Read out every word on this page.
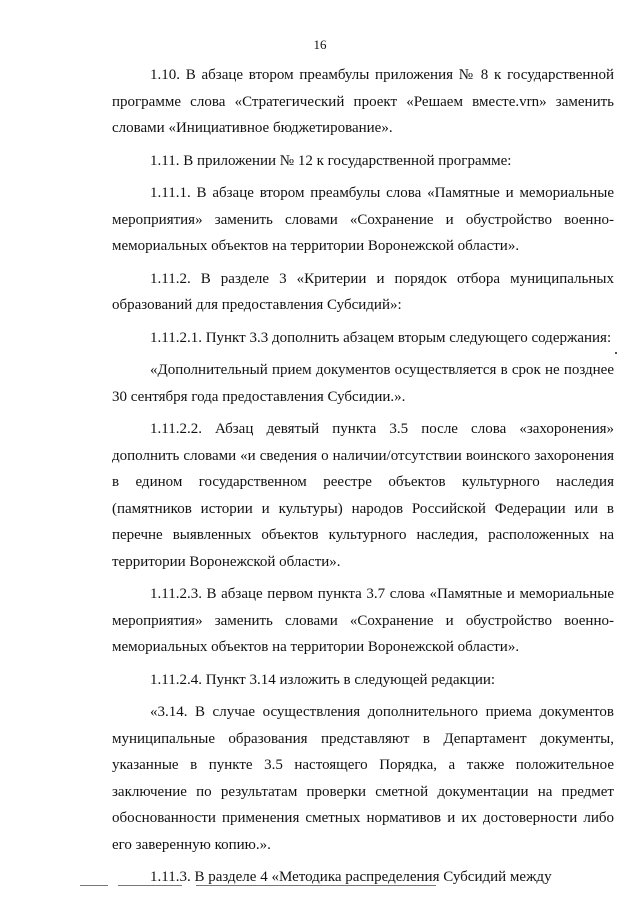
16

1.10. В абзаце втором преамбулы приложения № 8 к государственной программе слова «Стратегический проект «Решаем вместе.vrn» заменить словами «Инициативное бюджетирование».

1.11. В приложении № 12 к государственной программе:

1.11.1. В абзаце втором преамбулы слова «Памятные и мемориальные мероприятия» заменить словами «Сохранение и обустройство военно-мемориальных объектов на территории Воронежской области».

1.11.2. В разделе 3 «Критерии и порядок отбора муниципальных образований для предоставления Субсидий»:

1.11.2.1. Пункт 3.3 дополнить абзацем вторым следующего содержания:

«Дополнительный прием документов осуществляется в срок не позднее 30 сентября года предоставления Субсидии.».

1.11.2.2. Абзац девятый пункта 3.5 после слова «захоронения» дополнить словами «и сведения о наличии/отсутствии воинского захоронения в едином государственном реестре объектов культурного наследия (памятников истории и культуры) народов Российской Федерации или в перечне выявленных объектов культурного наследия, расположенных на территории Воронежской области».

1.11.2.3. В абзаце первом пункта 3.7 слова «Памятные и мемориальные мероприятия» заменить словами «Сохранение и обустройство военно-мемориальных объектов на территории Воронежской области».

1.11.2.4. Пункт 3.14 изложить в следующей редакции:

«3.14. В случае осуществления дополнительного приема документов муниципальные образования представляют в Департамент документы, указанные в пункте 3.5 настоящего Порядка, а также положительное заключение по результатам проверки сметной документации на предмет обоснованности применения сметных нормативов и их достоверности либо его заверенную копию.».

1.11.3. В разделе 4 «Методика распределения Субсидий между
